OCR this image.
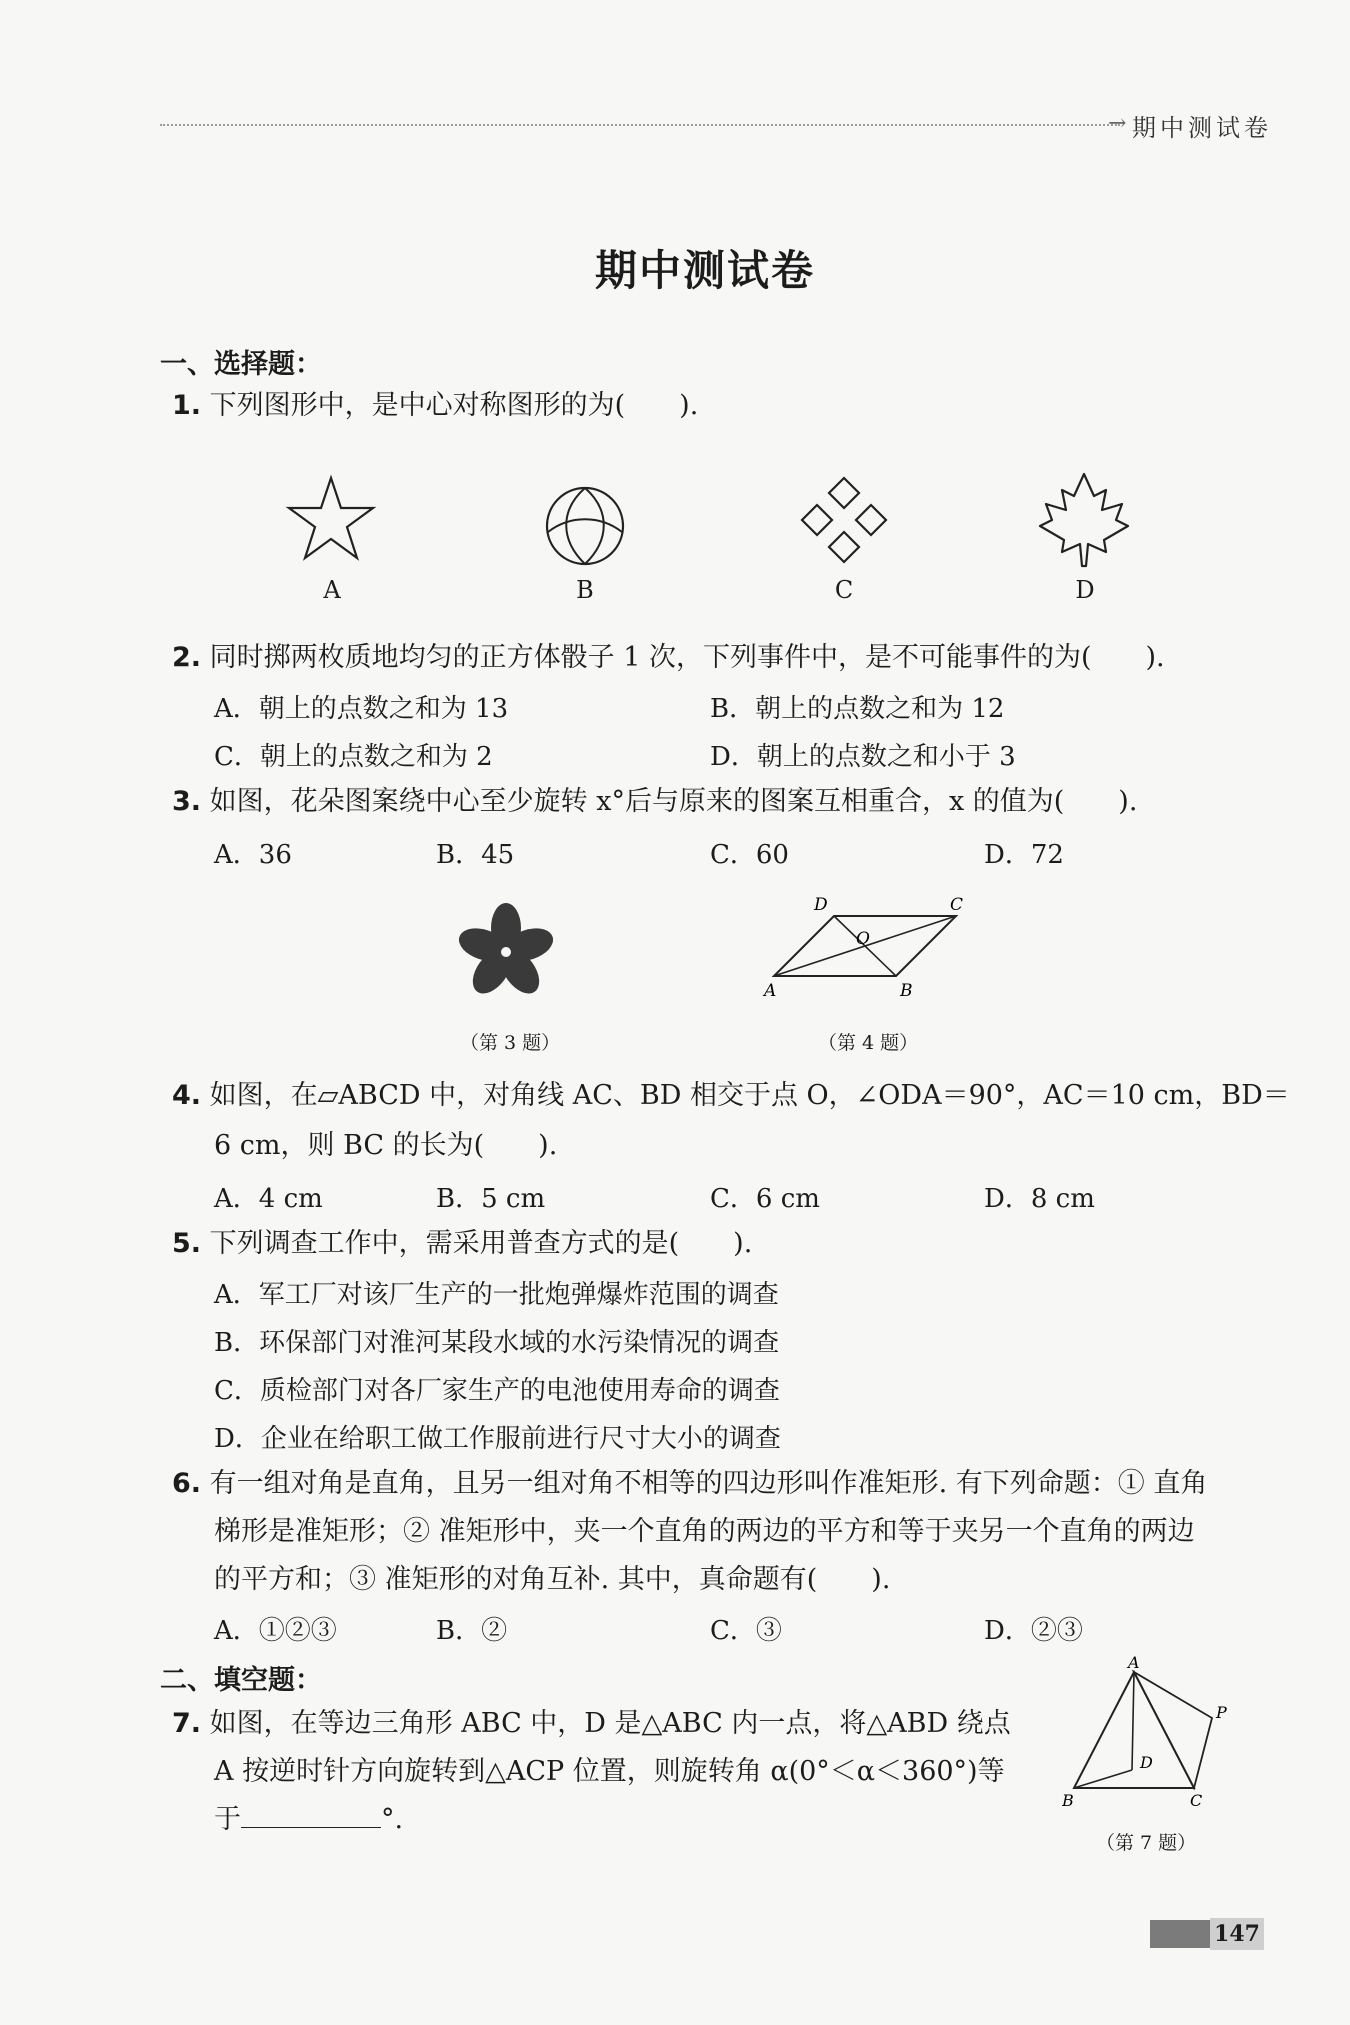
→ 期中测试卷
期中测试卷
一、选择题：
1. 下列图形中，是中心对称图形的为(　　).
A	B	C	D
2. 同时掷两枚质地均匀的正方体骰子 1 次，下列事件中，是不可能事件的为(　　).
A．朝上的点数之和为 13	B．朝上的点数之和为 12
C．朝上的点数之和为 2	D．朝上的点数之和小于 3
3. 如图，花朵图案绕中心至少旋转 x°后与原来的图案互相重合，x 的值为(　　).
A．36	B．45	C．60	D．72
（第 3 题）
D	C
O
A	B
（第 4 题）
4. 如图，在▱ABCD 中，对角线 AC、BD 相交于点 O，∠ODA＝90°，AC＝10 cm，BD＝
6 cm，则 BC 的长为(　　).
A．4 cm	B．5 cm	C．6 cm	D．8 cm
5. 下列调查工作中，需采用普查方式的是(　　).
A．军工厂对该厂生产的一批炮弹爆炸范围的调查
B．环保部门对淮河某段水域的水污染情况的调查
C．质检部门对各厂家生产的电池使用寿命的调查
D．企业在给职工做工作服前进行尺寸大小的调查
6. 有一组对角是直角，且另一组对角不相等的四边形叫作准矩形. 有下列命题：① 直角
梯形是准矩形；② 准矩形中，夹一个直角的两边的平方和等于夹另一个直角的两边
的平方和；③ 准矩形的对角互补. 其中，真命题有(　　).
A．①②③	B．②	C．③	D．②③
二、填空题：
7. 如图，在等边三角形 ABC 中，D 是△ABC 内一点，将△ABD 绕点
A 按逆时针方向旋转到△ACP 位置，则旋转角 α(0°＜α＜360°)等
于	°.
A
B	C
D
P
（第 7 题）
147
